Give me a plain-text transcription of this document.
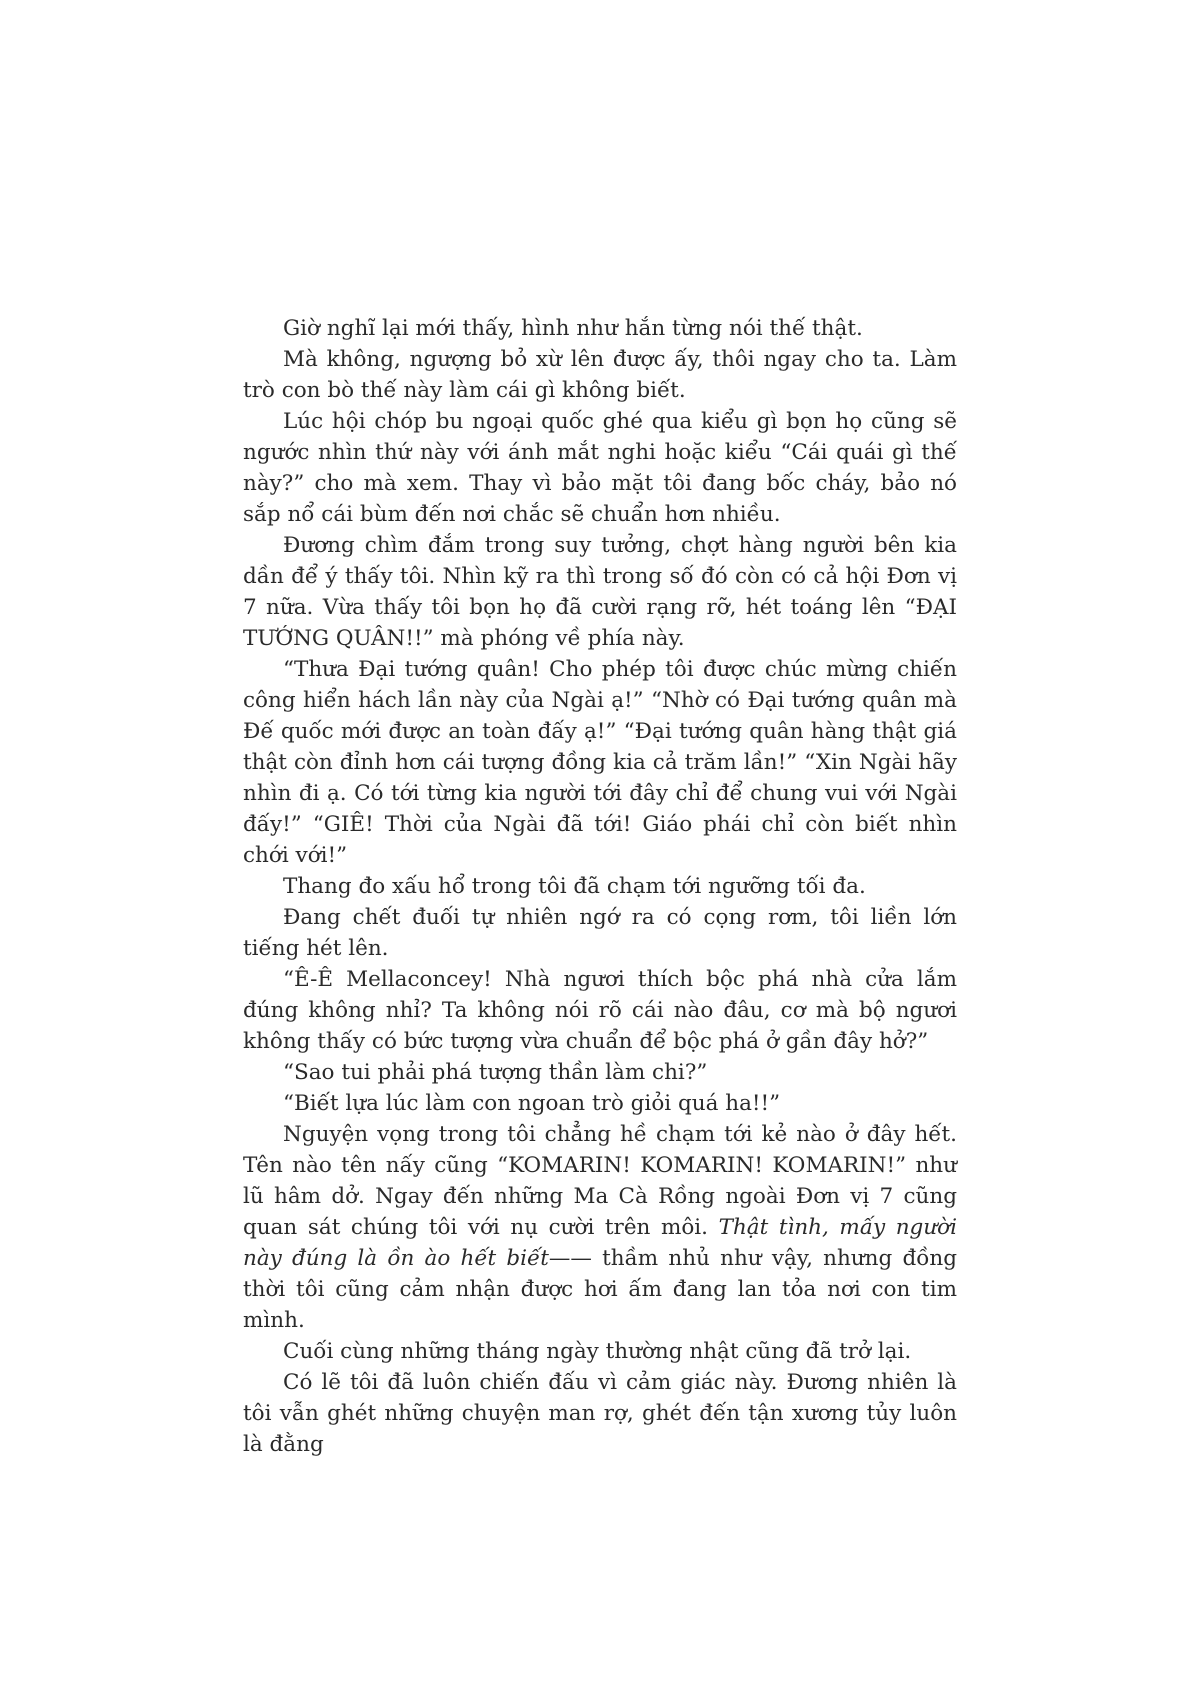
Giờ nghĩ lại mới thấy, hình như hắn từng nói thế thật.

Mà không, ngượng bỏ xừ lên được ấy, thôi ngay cho ta. Làm trò con bò thế này làm cái gì không biết.

Lúc hội chóp bu ngoại quốc ghé qua kiểu gì bọn họ cũng sẽ ngước nhìn thứ này với ánh mắt nghi hoặc kiểu “Cái quái gì thế này?” cho mà xem. Thay vì bảo mặt tôi đang bốc cháy, bảo nó sắp nổ cái bùm đến nơi chắc sẽ chuẩn hơn nhiều.

Đương chìm đắm trong suy tưởng, chợt hàng người bên kia dần để ý thấy tôi. Nhìn kỹ ra thì trong số đó còn có cả hội Đơn vị 7 nữa. Vừa thấy tôi bọn họ đã cười rạng rỡ, hét toáng lên “ĐẠI TƯỚNG QUÂN!!” mà phóng về phía này.

“Thưa Đại tướng quân! Cho phép tôi được chúc mừng chiến công hiển hách lần này của Ngài ạ!” “Nhờ có Đại tướng quân mà Đế quốc mới được an toàn đấy ạ!” “Đại tướng quân hàng thật giá thật còn đỉnh hơn cái tượng đồng kia cả trăm lần!” “Xin Ngài hãy nhìn đi ạ. Có tới từng kia người tới đây chỉ để chung vui với Ngài đấy!” “GIÊ! Thời của Ngài đã tới! Giáo phái chỉ còn biết nhìn chới với!”

Thang đo xấu hổ trong tôi đã chạm tới ngưỡng tối đa.

Đang chết đuối tự nhiên ngớ ra có cọng rơm, tôi liền lớn tiếng hét lên.

“Ê-Ê Mellaconcey! Nhà ngươi thích bộc phá nhà cửa lắm đúng không nhỉ? Ta không nói rõ cái nào đâu, cơ mà bộ ngươi không thấy có bức tượng vừa chuẩn để bộc phá ở gần đây hở?”

“Sao tui phải phá tượng thần làm chi?”

“Biết lựa lúc làm con ngoan trò giỏi quá ha!!”

Nguyện vọng trong tôi chẳng hề chạm tới kẻ nào ở đây hết. Tên nào tên nấy cũng “KOMARIN! KOMARIN! KOMARIN!” như lũ hâm dở. Ngay đến những Ma Cà Rồng ngoài Đơn vị 7 cũng quan sát chúng tôi với nụ cười trên môi. Thật tình, mấy người này đúng là ồn ào hết biết—— thầm nhủ như vậy, nhưng đồng thời tôi cũng cảm nhận được hơi ấm đang lan tỏa nơi con tim mình.

Cuối cùng những tháng ngày thường nhật cũng đã trở lại.

Có lẽ tôi đã luôn chiến đấu vì cảm giác này. Đương nhiên là tôi vẫn ghét những chuyện man rợ, ghét đến tận xương tủy luôn là đằng
